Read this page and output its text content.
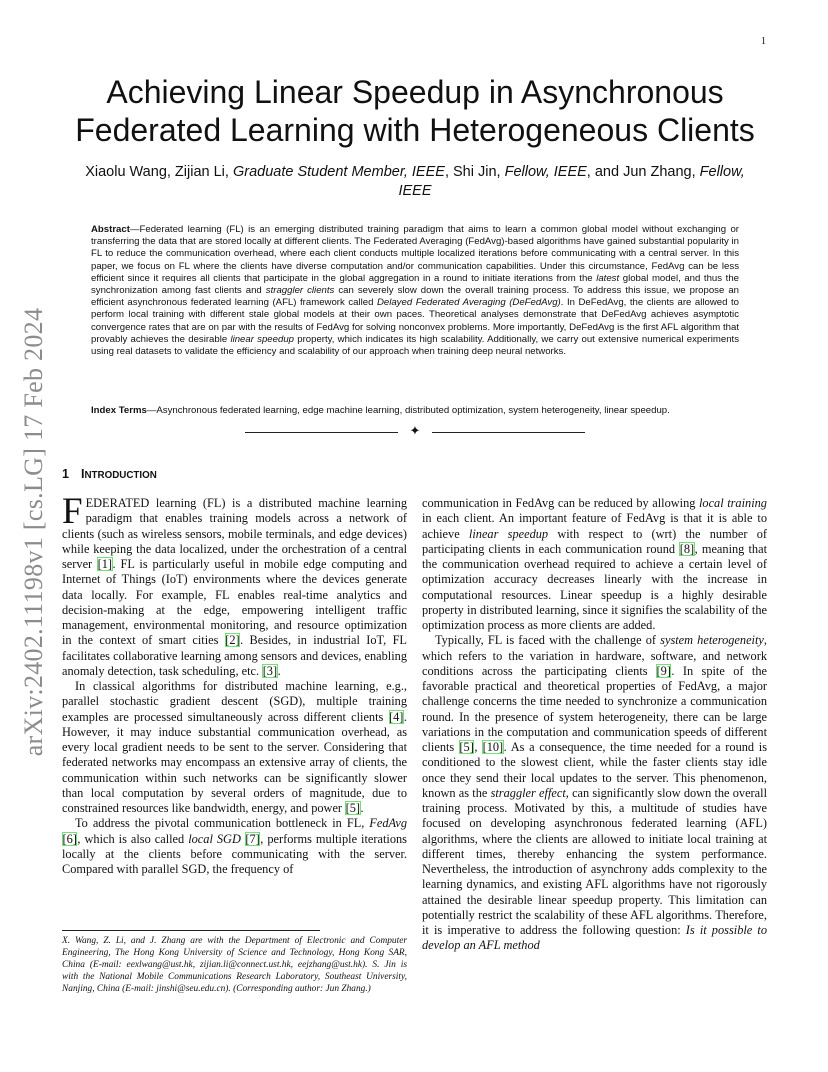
1
arXiv:2402.11198v1 [cs.LG] 17 Feb 2024
Achieving Linear Speedup in Asynchronous
Federated Learning with Heterogeneous Clients
Xiaolu Wang, Zijian Li, Graduate Student Member, IEEE, Shi Jin, Fellow, IEEE, and Jun Zhang, Fellow, IEEE

Abstract—Federated learning (FL) is an emerging distributed training paradigm that aims to learn a common global model without exchanging or transferring the data that are stored locally at different clients. The Federated Averaging (FedAvg)-based algorithms have gained substantial popularity in FL to reduce the communication overhead, where each client conducts multiple localized iterations before communicating with a central server. In this paper, we focus on FL where the clients have diverse computation and/or communication capabilities. Under this circumstance, FedAvg can be less efficient since it requires all clients that participate in the global aggregation in a round to initiate iterations from the latest global model, and thus the synchronization among fast clients and straggler clients can severely slow down the overall training process. To address this issue, we propose an efficient asynchronous federated learning (AFL) framework called Delayed Federated Averaging (DeFedAvg). In DeFedAvg, the clients are allowed to perform local training with different stale global models at their own paces. Theoretical analyses demonstrate that DeFedAvg achieves asymptotic convergence rates that are on par with the results of FedAvg for solving nonconvex problems. More importantly, DeFedAvg is the first AFL algorithm that provably achieves the desirable linear speedup property, which indicates its high scalability. Additionally, we carry out extensive numerical experiments using real datasets to validate the efficiency and scalability of our approach when training deep neural networks.

Index Terms—Asynchronous federated learning, edge machine learning, distributed optimization, system heterogeneity, linear speedup.

✦
1 INTRODUCTION

FEDERATED learning (FL) is a distributed machine learning paradigm that enables training models across a network of clients (such as wireless sensors, mobile terminals, and edge devices) while keeping the data localized, under the orchestration of a central server [1]. FL is particularly useful in mobile edge computing and Internet of Things (IoT) environments where the devices generate data locally. For example, FL enables real-time analytics and decision-making at the edge, empowering intelligent traffic management, environmental monitoring, and resource optimization in the context of smart cities [2]. Besides, in industrial IoT, FL facilitates collaborative learning among sensors and devices, enabling anomaly detection, task scheduling, etc. [3].

In classical algorithms for distributed machine learning, e.g., parallel stochastic gradient descent (SGD), multiple training examples are processed simultaneously across different clients [4]. However, it may induce substantial communication overhead, as every local gradient needs to be sent to the server. Considering that federated networks may encompass an extensive array of clients, the communication within such networks can be significantly slower than local computation by several orders of magnitude, due to constrained resources like bandwidth, energy, and power [5].

To address the pivotal communication bottleneck in FL, FedAvg [6], which is also called local SGD [7], performs multiple iterations locally at the clients before communicating with the server. Compared with parallel SGD, the frequency of

X. Wang, Z. Li, and J. Zhang are with the Department of Electronic and Computer Engineering, The Hong Kong University of Science and Technology, Hong Kong SAR, China (E-mail: eexlwang@ust.hk, zijian.li@connect.ust.hk, eejzhang@ust.hk). S. Jin is with the National Mobile Communications Research Laboratory, Southeast University, Nanjing, China (E-mail: jinshi@seu.edu.cn). (Corresponding author: Jun Zhang.)

communication in FedAvg can be reduced by allowing local training in each client. An important feature of FedAvg is that it is able to achieve linear speedup with respect to (wrt) the number of participating clients in each communication round [8], meaning that the communication overhead required to achieve a certain level of optimization accuracy decreases linearly with the increase in computational resources. Linear speedup is a highly desirable property in distributed learning, since it signifies the scalability of the optimization process as more clients are added.

Typically, FL is faced with the challenge of system heterogeneity, which refers to the variation in hardware, software, and network conditions across the participating clients [9]. In spite of the favorable practical and theoretical properties of FedAvg, a major challenge concerns the time needed to synchronize a communication round. In the presence of system heterogeneity, there can be large variations in the computation and communication speeds of different clients [5], [10]. As a consequence, the time needed for a round is conditioned to the slowest client, while the faster clients stay idle once they send their local updates to the server. This phenomenon, known as the straggler effect, can significantly slow down the overall training process. Motivated by this, a multitude of studies have focused on developing asynchronous federated learning (AFL) algorithms, where the clients are allowed to initiate local training at different times, thereby enhancing the system performance. Nevertheless, the introduction of asynchrony adds complexity to the learning dynamics, and existing AFL algorithms have not rigorously attained the desirable linear speedup property. This limitation can potentially restrict the scalability of these AFL algorithms. Therefore, it is imperative to address the following question: Is it possible to develop an AFL method
